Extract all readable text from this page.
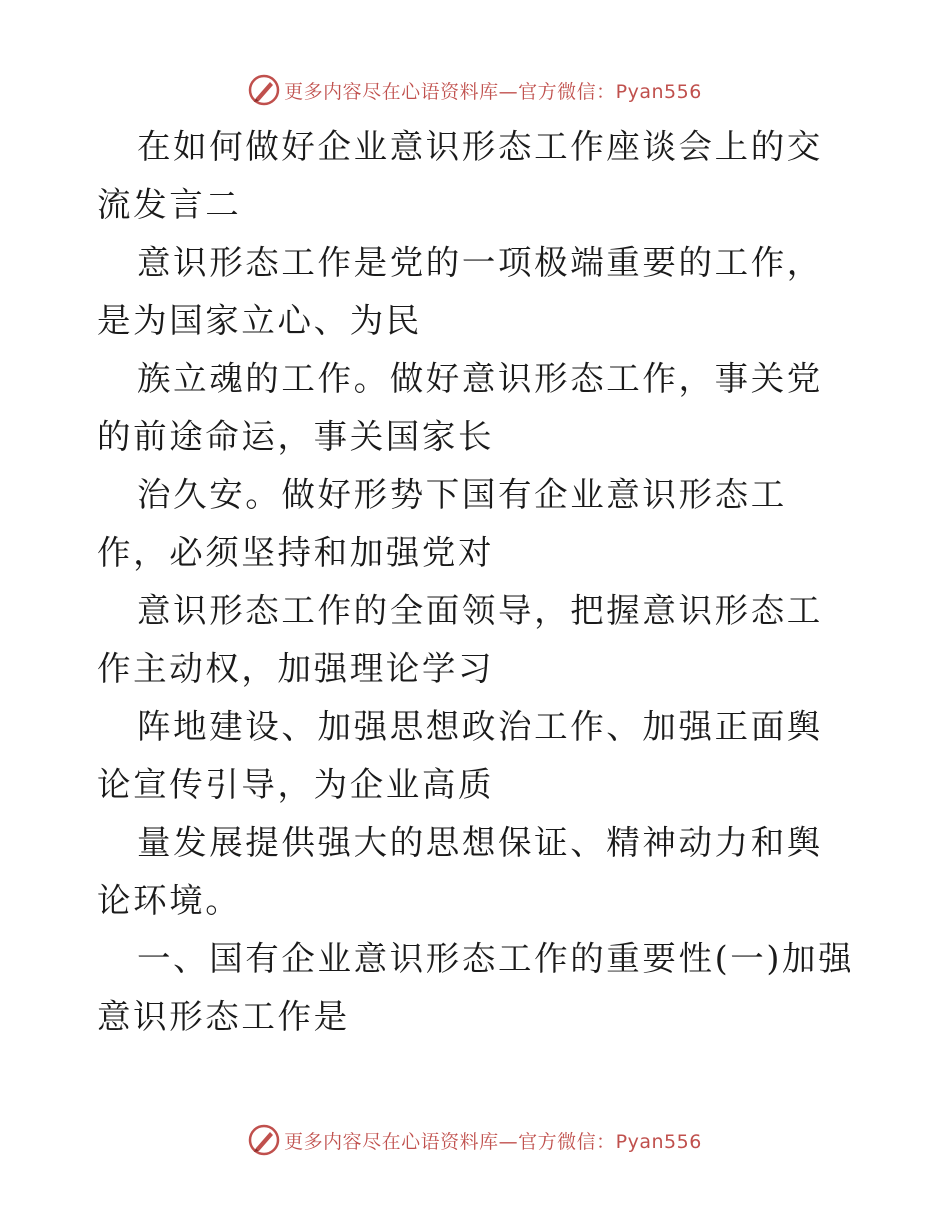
更多内容尽在心语资料库—官方微信：Pyan556

在如何做好企业意识形态工作座谈会上的交流发言二

意识形态工作是党的一项极端重要的工作，是为国家立心、为民

族立魂的工作。做好意识形态工作，事关党的前途命运，事关国家长

治久安。做好形势下国有企业意识形态工作，必须坚持和加强党对

意识形态工作的全面领导，把握意识形态工作主动权，加强理论学习

阵地建设、加强思想政治工作、加强正面舆论宣传引导，为企业高质

量发展提供强大的思想保证、精神动力和舆论环境。

一、国有企业意识形态工作的重要性(一)加强意识形态工作是

更多内容尽在心语资料库—官方微信：Pyan556
